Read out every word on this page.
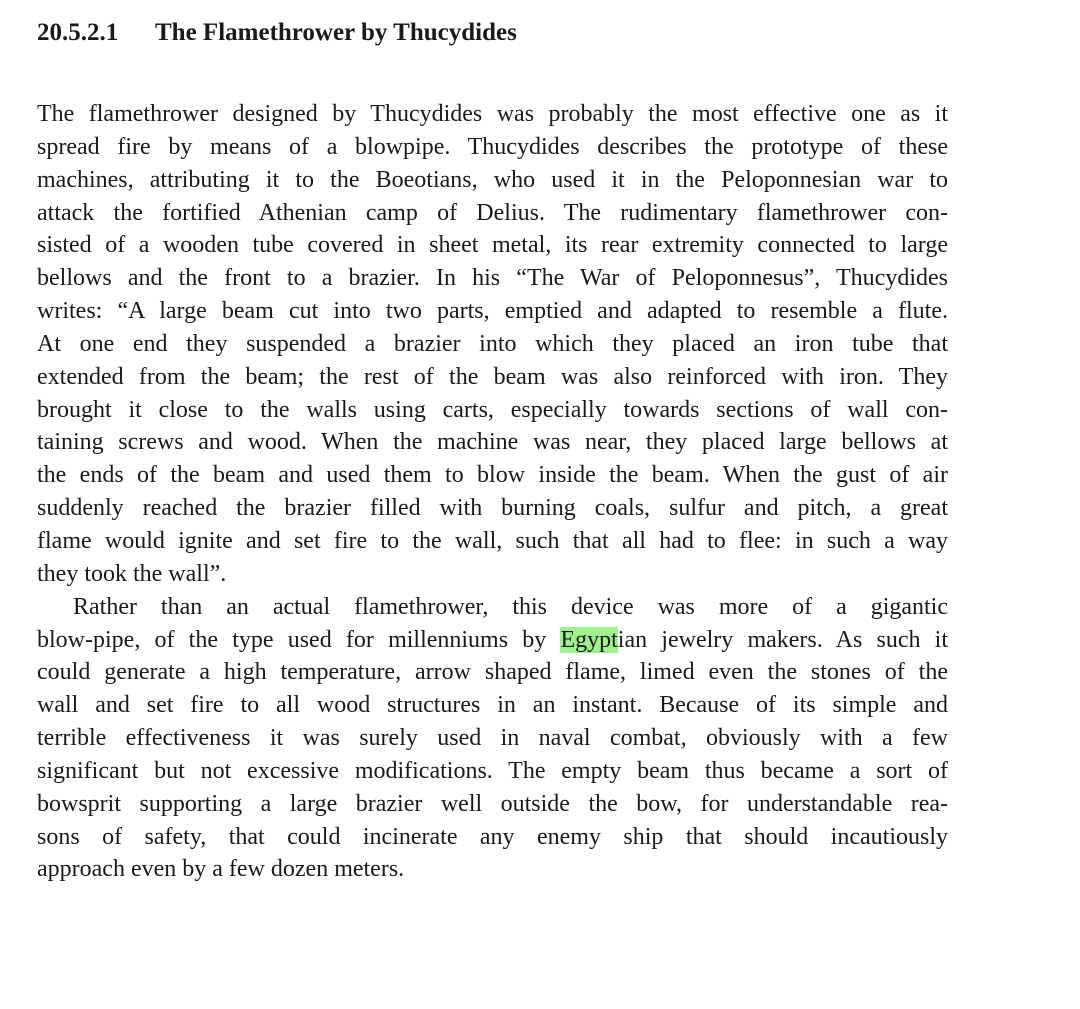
20.5.2.1 The Flamethrower by Thucydides

The flamethrower designed by Thucydides was probably the most effective one as it
spread fire by means of a blowpipe. Thucydides describes the prototype of these
machines, attributing it to the Boeotians, who used it in the Peloponnesian war to
attack the fortified Athenian camp of Delius. The rudimentary flamethrower con-
sisted of a wooden tube covered in sheet metal, its rear extremity connected to large
bellows and the front to a brazier. In his “The War of Peloponnesus”, Thucydides
writes: “A large beam cut into two parts, emptied and adapted to resemble a flute.
At one end they suspended a brazier into which they placed an iron tube that
extended from the beam; the rest of the beam was also reinforced with iron. They
brought it close to the walls using carts, especially towards sections of wall con-
taining screws and wood. When the machine was near, they placed large bellows at
the ends of the beam and used them to blow inside the beam. When the gust of air
suddenly reached the brazier filled with burning coals, sulfur and pitch, a great
flame would ignite and set fire to the wall, such that all had to flee: in such a way
they took the wall”.

Rather than an actual flamethrower, this device was more of a gigantic
blow-pipe, of the type used for millenniums by Egyptian jewelry makers. As such it
could generate a high temperature, arrow shaped flame, limed even the stones of the
wall and set fire to all wood structures in an instant. Because of its simple and
terrible effectiveness it was surely used in naval combat, obviously with a few
significant but not excessive modifications. The empty beam thus became a sort of
bowsprit supporting a large brazier well outside the bow, for understandable rea-
sons of safety, that could incinerate any enemy ship that should incautiously
approach even by a few dozen meters.
